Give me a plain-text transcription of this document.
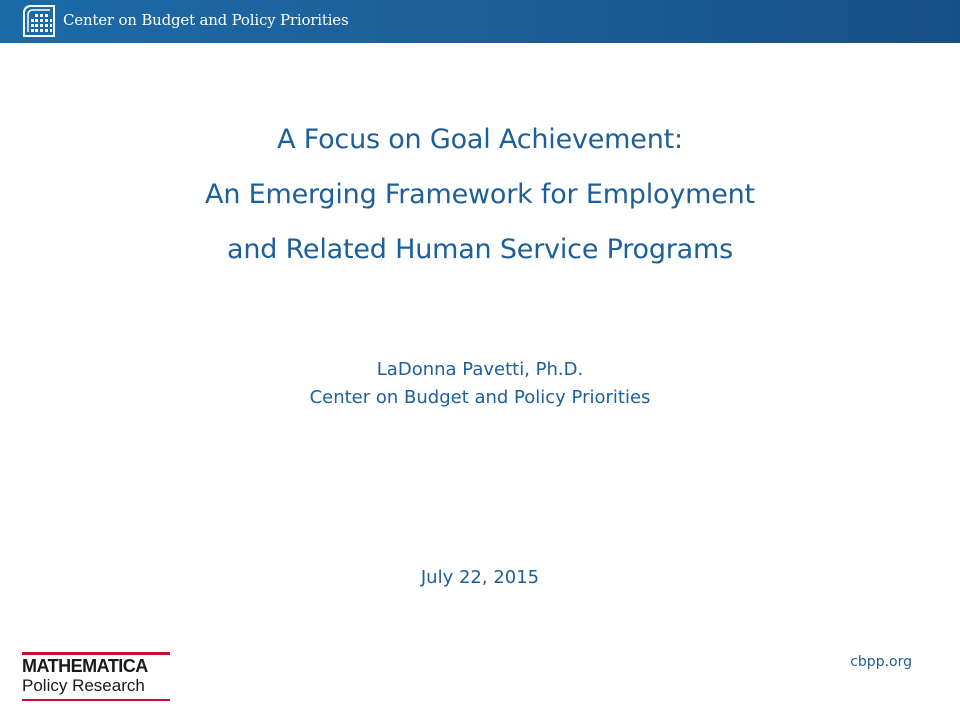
Center on Budget and Policy Priorities
A Focus on Goal Achievement:
An Emerging Framework for Employment
and Related Human Service Programs
LaDonna Pavetti, Ph.D.
Center on Budget and Policy Priorities
July 22, 2015
MATHEMATICA
Policy Research
cbpp.org
